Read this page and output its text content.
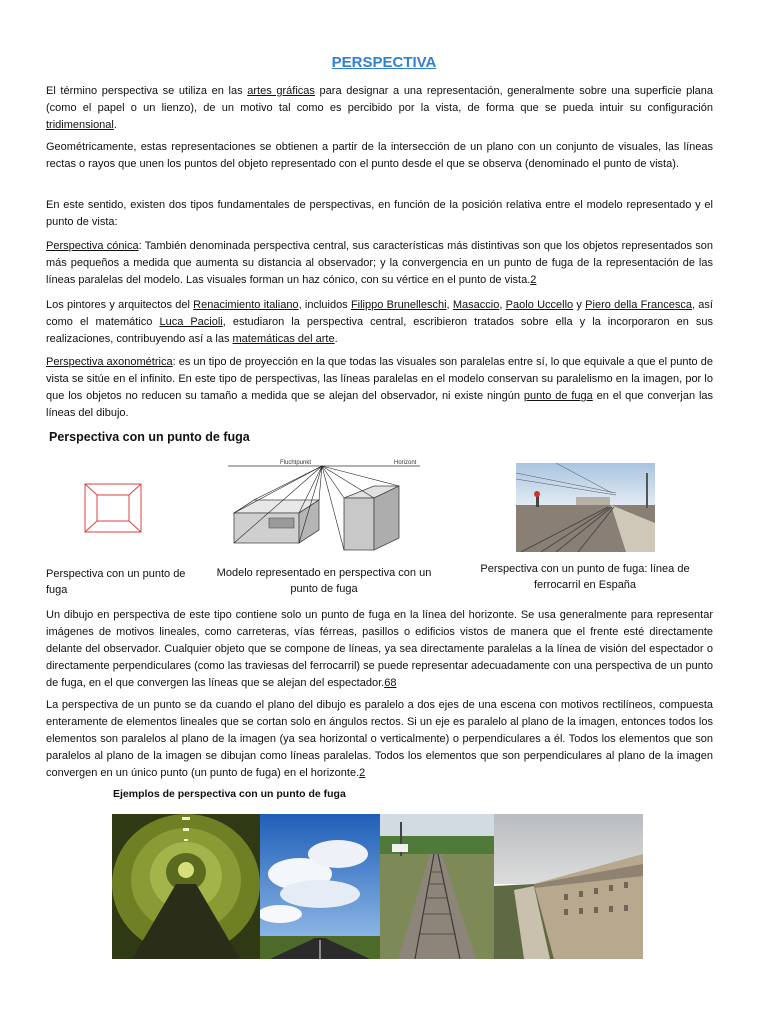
PERSPECTIVA

El término perspectiva se utiliza en las artes gráficas para designar a una representación, generalmente sobre una superficie plana (como el papel o un lienzo), de un motivo tal como es percibido por la vista, de forma que se pueda intuir su configuración tridimensional.

Geométricamente, estas representaciones se obtienen a partir de la intersección de un plano con un conjunto de visuales, las líneas rectas o rayos que unen los puntos del objeto representado con el punto desde el que se observa (denominado el punto de vista).

En este sentido, existen dos tipos fundamentales de perspectivas, en función de la posición relativa entre el modelo representado y el punto de vista:

Perspectiva cónica: También denominada perspectiva central, sus características más distintivas son que los objetos representados son más pequeños a medida que aumenta su distancia al observador; y la convergencia en un punto de fuga de la representación de las líneas paralelas del modelo. Las visuales forman un haz cónico, con su vértice en el punto de vista.2

Los pintores y arquitectos del Renacimiento italiano, incluidos Filippo Brunelleschi, Masaccio, Paolo Uccello y Piero della Francesca, así como el matemático Luca Pacioli, estudiaron la perspectiva central, escribieron tratados sobre ella y la incorporaron en sus realizaciones, contribuyendo así a las matemáticas del arte.

Perspectiva axonométrica: es un tipo de proyección en la que todas las visuales son paralelas entre sí, lo que equivale a que el punto de vista se sitúe en el infinito. En este tipo de perspectivas, las líneas paralelas en el modelo conservan su paralelismo en la imagen, por lo que los objetos no reducen su tamaño a medida que se alejan del observador, ni existe ningún punto de fuga en el que converjan las líneas del dibujo.

Perspectiva con un punto de fuga
Fluchtpunkt	Horizont

Perspectiva con un punto de fuga

Modelo representado en perspectiva con un punto de fuga

Perspectiva con un punto de fuga: línea de ferrocarril en España

Un dibujo en perspectiva de este tipo contiene solo un punto de fuga en la línea del horizonte. Se usa generalmente para representar imágenes de motivos lineales, como carreteras, vías férreas, pasillos o edificios vistos de manera que el frente esté directamente delante del observador. Cualquier objeto que se compone de líneas, ya sea directamente paralelas a la línea de visión del espectador o directamente perpendiculares (como las traviesas del ferrocarril) se puede representar adecuadamente con una perspectiva de un punto de fuga, en el que convergen las líneas que se alejan del espectador.68

La perspectiva de un punto se da cuando el plano del dibujo es paralelo a dos ejes de una escena con motivos rectilíneos, compuesta enteramente de elementos lineales que se cortan solo en ángulos rectos. Si un eje es paralelo al plano de la imagen, entonces todos los elementos son paralelos al plano de la imagen (ya sea horizontal o verticalmente) o perpendiculares a él. Todos los elementos que son paralelos al plano de la imagen se dibujan como líneas paralelas. Todos los elementos que son perpendiculares al plano de la imagen convergen en un único punto (un punto de fuga) en el horizonte.2

Ejemplos de perspectiva con un punto de fuga
